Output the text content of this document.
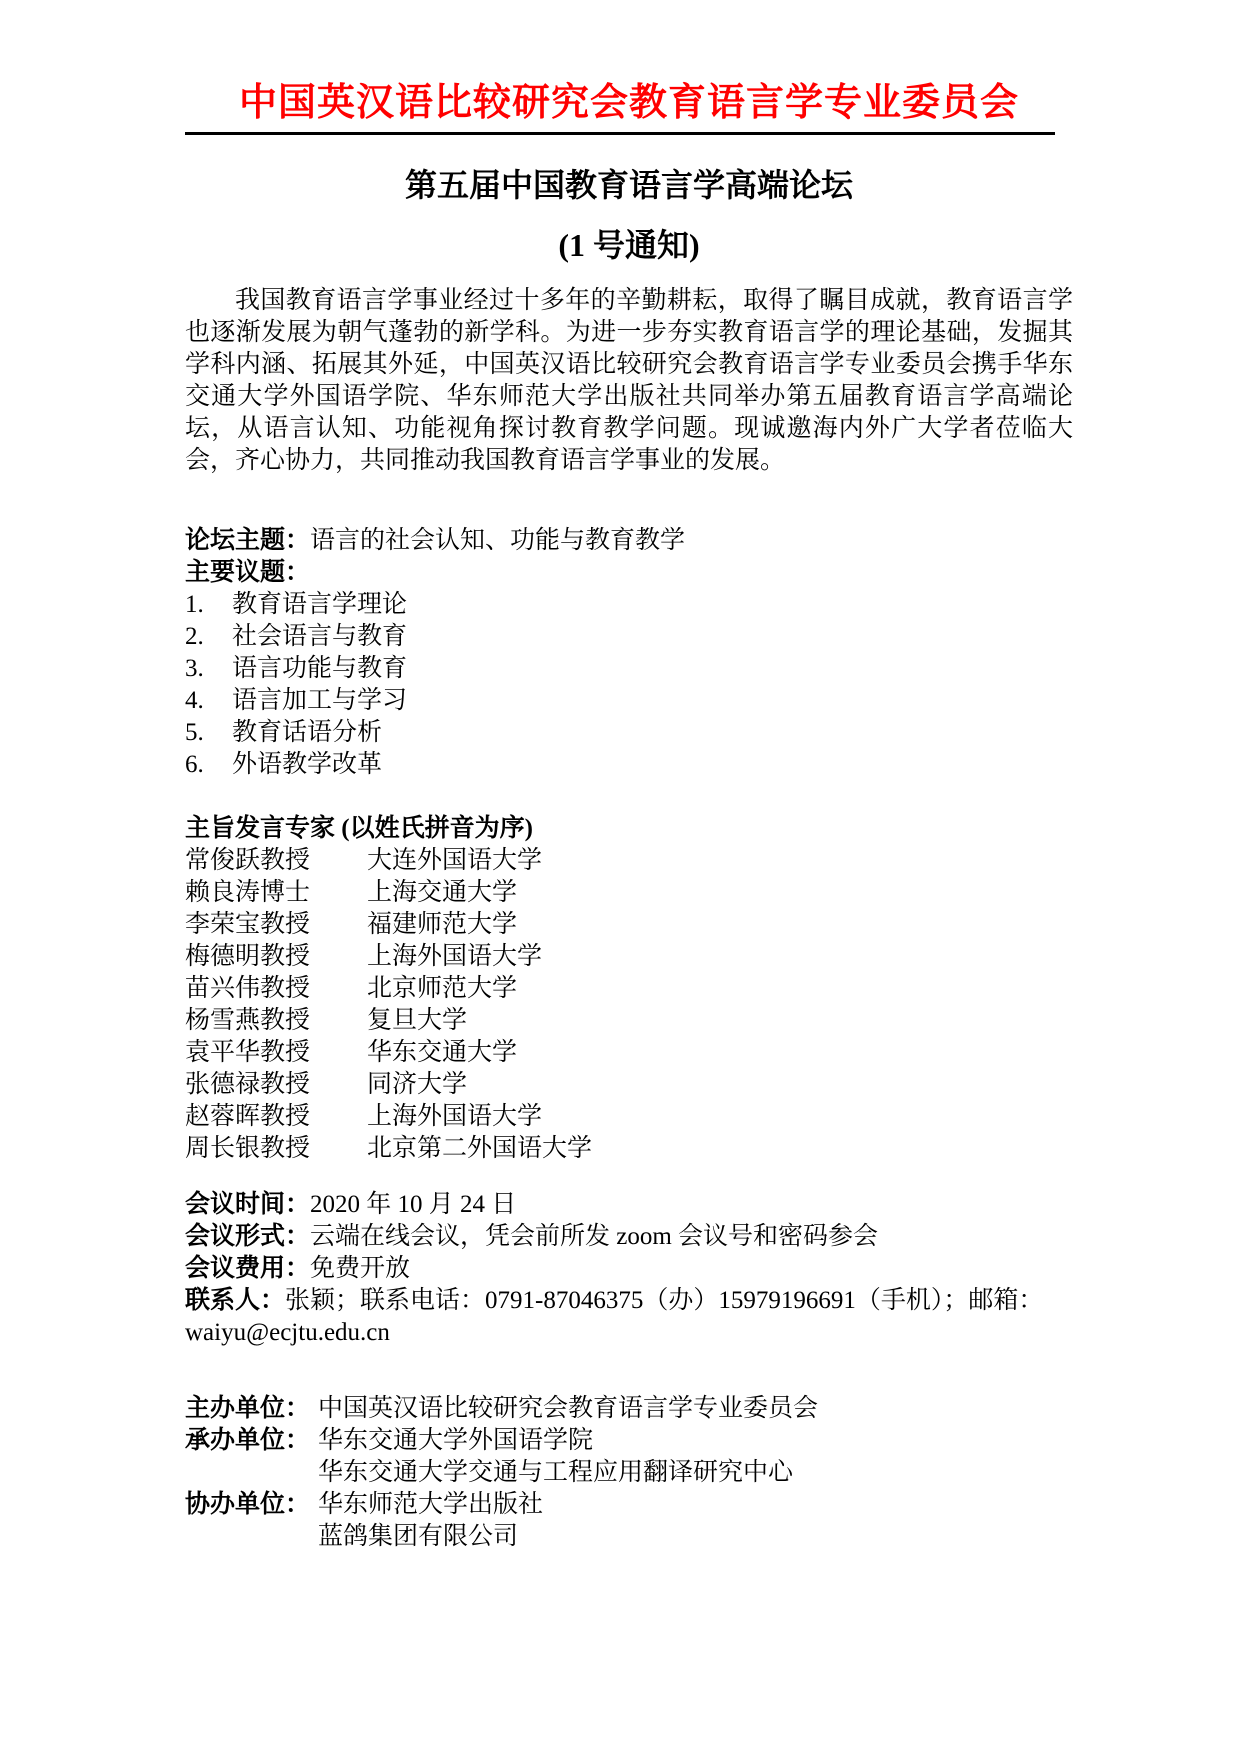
中国英汉语比较研究会教育语言学专业委员会
第五届中国教育语言学高端论坛
(1 号通知)
我国教育语言学事业经过十多年的辛勤耕耘，取得了瞩目成就，教育语言学也逐渐发展为朝气蓬勃的新学科。为进一步夯实教育语言学的理论基础，发掘其学科内涵、拓展其外延，中国英汉语比较研究会教育语言学专业委员会携手华东交通大学外国语学院、华东师范大学出版社共同举办第五届教育语言学高端论坛，从语言认知、功能视角探讨教育教学问题。现诚邀海内外广大学者莅临大会，齐心协力，共同推动我国教育语言学事业的发展。
论坛主题：语言的社会认知、功能与教育教学
主要议题：
1.	教育语言学理论
2.	社会语言与教育
3.	语言功能与教育
4.	语言加工与学习
5.	教育话语分析
6.	外语教学改革
主旨发言专家 (以姓氏拼音为序)
常俊跃教授	大连外国语大学
赖良涛博士	上海交通大学
李荣宝教授	福建师范大学
梅德明教授	上海外国语大学
苗兴伟教授	北京师范大学
杨雪燕教授	复旦大学
袁平华教授	华东交通大学
张德禄教授	同济大学
赵蓉晖教授	上海外国语大学
周长银教授	北京第二外国语大学
会议时间：2020 年 10 月 24 日
会议形式：云端在线会议，凭会前所发 zoom 会议号和密码参会
会议费用：免费开放
联系人：张颖；联系电话：0791-87046375（办）15979196691（手机）；邮箱：
waiyu@ecjtu.edu.cn
主办单位： 中国英汉语比较研究会教育语言学专业委员会
承办单位： 华东交通大学外国语学院
华东交通大学交通与工程应用翻译研究中心
协办单位： 华东师范大学出版社
蓝鸽集团有限公司
